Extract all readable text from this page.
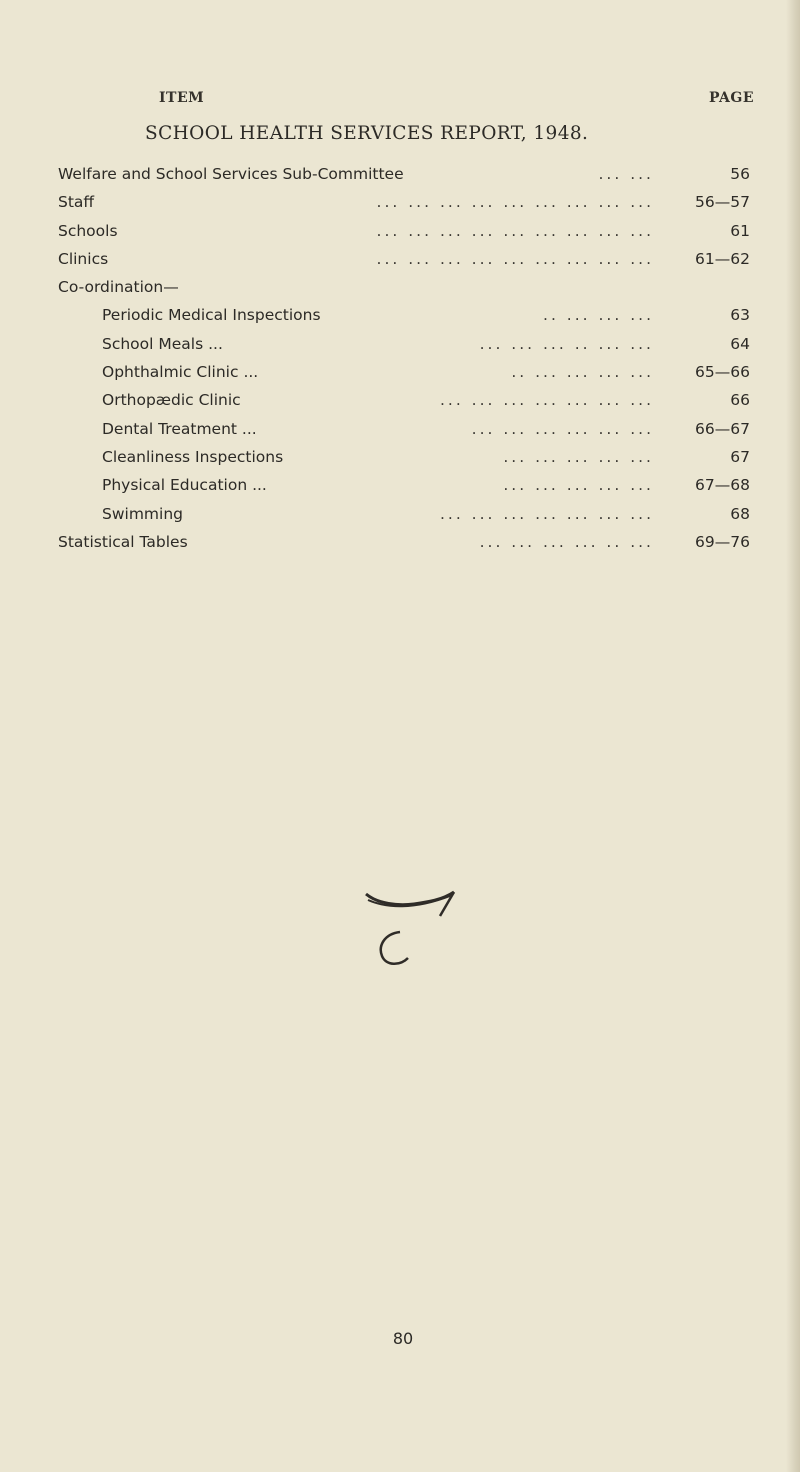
ITEM	PAGE
SCHOOL HEALTH SERVICES REPORT, 1948.
... ...
Welfare and School Services Sub-Committee	56
... ... ... ... ... ... ... ... ...
Staff	56—57
... ... ... ... ... ... ... ... ...
Schools	61
... ... ... ... ... ... ... ... ...
Clinics	61—62
Co-ordination—
.. ... ... ...
Periodic Medical Inspections	63
... ... ... .. ... ...
School Meals ...	64
.. ... ... ... ...
Ophthalmic Clinic ...	65—66
... ... ... ... ... ... ...
Orthopædic Clinic	66
... ... ... ... ... ...
Dental Treatment ...	66—67
... ... ... ... ...
Cleanliness Inspections	67
... ... ... ... ...
Physical Education ...	67—68
... ... ... ... ... ... ...
Swimming	68
... ... ... ... .. ...
Statistical Tables	69—76
80
